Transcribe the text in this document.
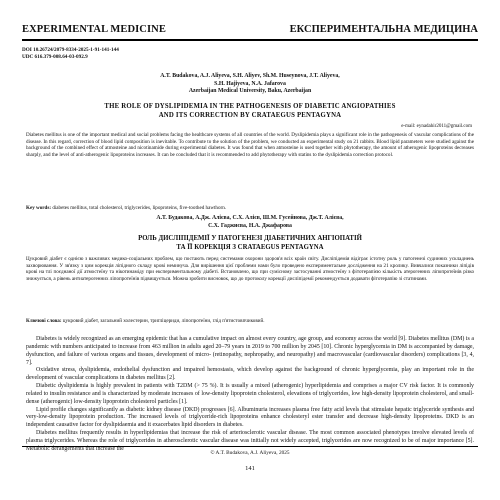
EXPERIMENTAL MEDICINE	ЕКСПЕРИМЕНТАЛЬНА МЕДИЦИНА
DOI 10.26724/2079-8334-2025-1-91-141-144
UDC 616.379-008.64-03-092.9
A.T. Budakova, A.J. Aliyeva, S.H. Aliyev, Sh.M. Huseynova, J.T. Aliyeva,
S.H. Hajiyeva, N.A. Jafarova
Azerbaijan Medical University, Baku, Azerbaijan
THE ROLE OF DYSLIPIDEMIA IN THE PATHOGENESIS OF DIABETIC ANGIOPATHIES
AND ITS CORRECTION BY CRATAEGUS PENTAGYNA
e-mail: eynadahir2011@gmail.com
Diabetes mellitus is one of the important medical and social problems facing the healthcare systems of all countries of the world. Dyslipidemia plays a significant role in the pathogenesis of vascular complications of the disease. In this regard, correction of blood lipid composition is inevitable. To contribute to the solution of the problem, we conducted an experimental study on 21 rabbits. Blood lipid parameters were studied against the background of the combined effect of atmosteine and nicotinamide during experimental diabetes. It was found that when atmosteine is used together with phytotherapy, the amount of atherogenic lipoproteins decreases sharply, and the level of anti-atherogenic lipoproteins increases. It can be concluded that it is recommended to add phytotherapy with statins to the dyslipidemia correction protocol.
Key words: diabetes mellitus, total cholesterol, triglycerides, lipoproteins, five-toothed hawthorn.
А.Т. Будакова, А.Дж. Алієва, С.Х. Алієв, Ш.М. Гусейнова, Дж.Т. Алієва,
С.Х. Гаджиєва, Н.А. Джафарова
РОЛЬ ДИСЛІПІДЕМІЇ У ПАТОГЕНЕЗІ ДІАБЕТИЧНИХ АНГІОПАТІЙ
ТА ЇЇ КОРЕКЦІЯ З CRATAEGUS PENTAGYNA
Цукровий діабет є однією з важливих медико-соціальних проблем, що постають перед системами охорони здоров'я всіх країн світу. Дисліпідемія відіграє істотну роль у патогенезі судинних ускладнень захворювання. У зв'язку з цим корекція ліпідного складу крові неминуча. Для вирішення цієї проблеми нами було проведено експериментальне дослідження на 21 кролику. Вивчалися показники ліпідів крові на тлі поєднаної дії атмостеїну та нікотинаміду при експериментальному діабеті. Встановлено, що при сумісному застосуванні атмостеїну з фітотерапією кількість атерогенних ліпопротеїнів різко знижується, а рівень антиатерогенних ліпопротеїнів підвищується. Можна зробити висновок, що до протоколу корекції дисліпідемії рекомендується додавати фітотерапію зі статинами.
Ключові слова: цукровий діабет, загальний холестерин, тригліцериди, ліпопротеїни, глід п'ятистовпчиковий.

Diabetes is widely recognized as an emerging epidemic that has a cumulative impact on almost every country, age group, and economy across the world [9]. Diabetes mellitus (DM) is a pandemic with numbers anticipated to increase from 463 million in adults aged 20–79 years in 2019 to 700 million by 2045 [10]. Chronic hyperglycemia in DM is accompanied by damage, dysfunction, and failure of various organs and tissues, development of micro- (retinopathy, nephropathy, and neuropathy) and macrovascular (cardiovascular disorders) complications [3, 4, 7].

Oxidative stress, dyslipidemia, endothelial dysfunction and impaired hemostasis, which develop against the background of chronic hyperglycemia, play an important role in the development of vascular complications in diabetes mellitus [2].

Diabetic dyslipidemia is highly prevalent in patients with T2DM (> 75 %). It is usually a mixed (atherogenic) hyperlipidemia and comprises a major CV risk factor. It is commonly related to insulin resistance and is characterized by moderate increases of low-density lipoprotein cholesterol, elevations of triglycerides, low high-density lipoprotein cholesterol, and small-dense (atherogenic) low-density lipoprotein cholesterol particles [1].

Lipid profile changes significantly as diabetic kidney disease (DKD) progresses [6]. Albuminuria increases plasma free fatty acid levels that stimulate hepatic triglyceride synthesis and very-low-density lipoprotein production. The increased levels of triglyceride-rich lipoproteins enhance cholesteryl ester transfer and decrease high-density lipoproteins. DKD is an independent causative factor for dyslipidaemia and it exacerbates lipid disorders in diabetes.

Diabetes mellitus frequently results in hyperlipidemias that increase the risk of arteriosclerotic vascular disease. The most common associated phenotypes involve elevated levels of plasma triglycerides. Whereas the role of triglycerides in atherosclerotic vascular disease was initially not widely accepted, triglycerides are now recognized to be of major importance [5]. Metabolic derangements that increase the

© A.T. Budakova, A.J. Aliyeva, 2025
141
